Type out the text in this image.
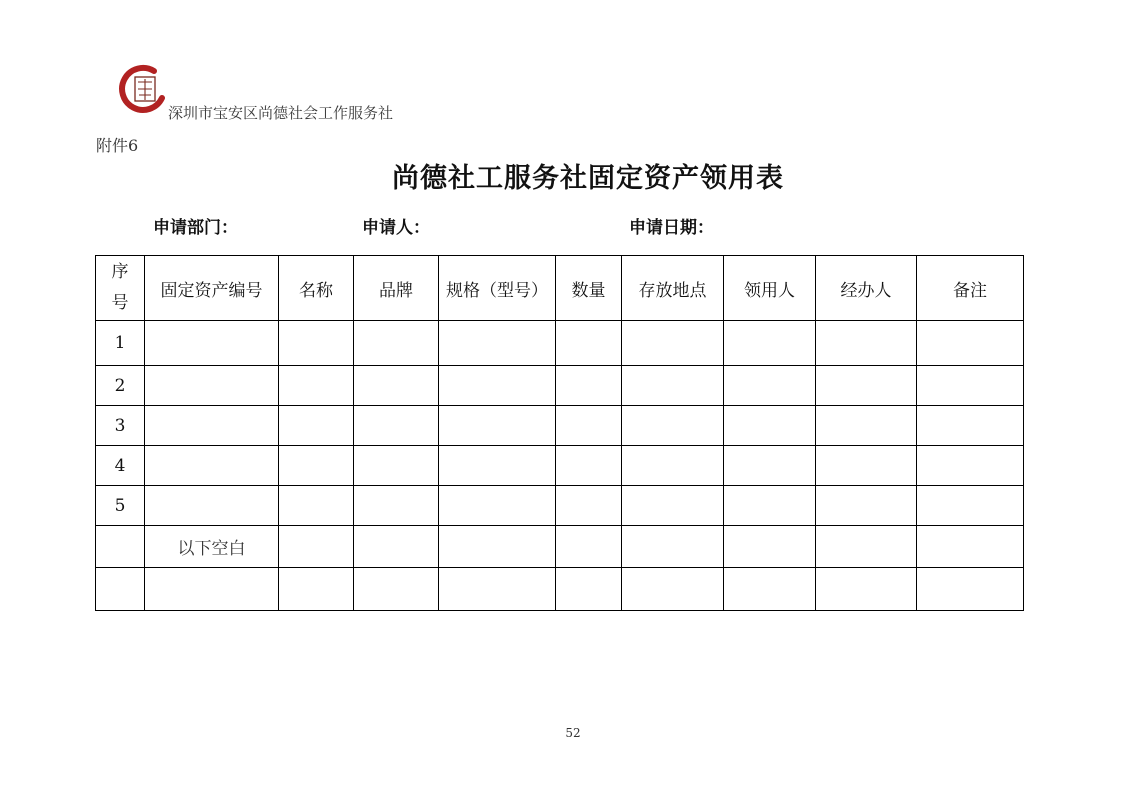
深圳市宝安区尚德社会工作服务社
附件6
尚德社工服务社固定资产领用表
申请部门：	申请人：	申请日期：
序号	固定资产编号	名称	品牌	规格（型号）	数量	存放地点	领用人	经办人	备注
1									
2									
3									
4									
5									
	以下空白								

52
